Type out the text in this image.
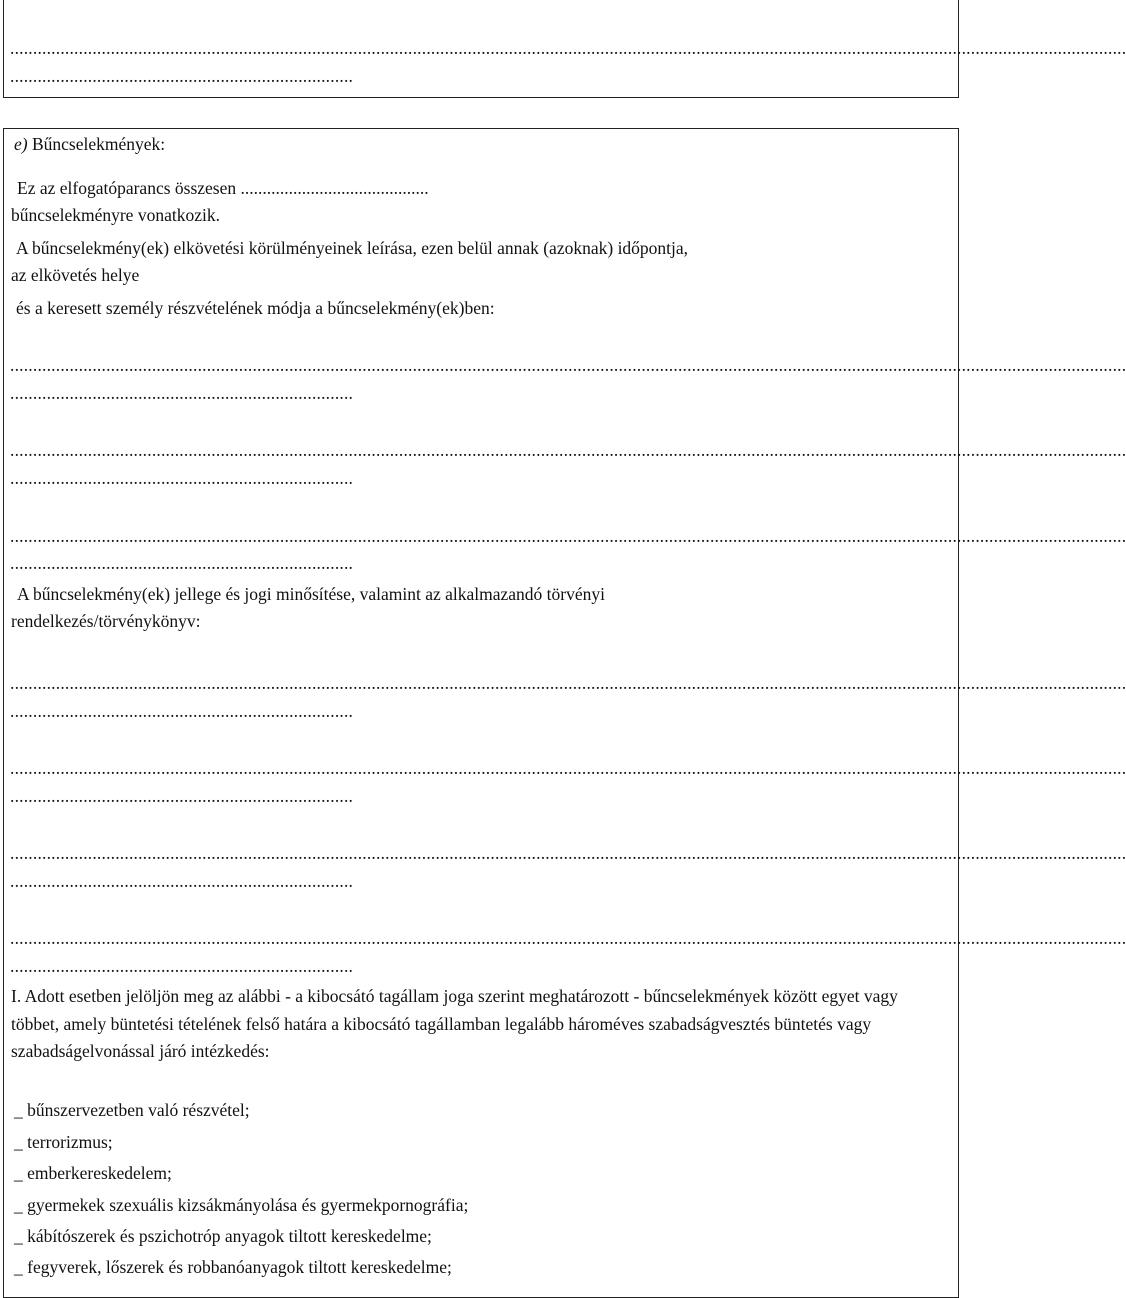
....................................................................................................................................................................................................................................................
...........................................................................
e) Bűncselekmények:
Ez az elfogatóparancs összesen ...........................................
bűncselekményre vonatkozik.
A bűncselekmény(ek) elkövetési körülményeinek leírása, ezen belül annak (azoknak) időpontja,
az elkövetés helye
és a keresett személy részvételének módja a bűncselekmény(ek)ben:
....................................................................................................................................................................................................................................................
...........................................................................
....................................................................................................................................................................................................................................................
...........................................................................
....................................................................................................................................................................................................................................................
...........................................................................
A bűncselekmény(ek) jellege és jogi minősítése, valamint az alkalmazandó törvényi
rendelkezés/törvénykönyv:
....................................................................................................................................................................................................................................................
...........................................................................
....................................................................................................................................................................................................................................................
...........................................................................
....................................................................................................................................................................................................................................................
...........................................................................
....................................................................................................................................................................................................................................................
...........................................................................
I. Adott esetben jelöljön meg az alábbi - a kibocsátó tagállam joga szerint meghatározott - bűncselekmények között egyet vagy többet, amely büntetési tételének felső határa a kibocsátó tagállamban legalább hároméves szabadságvesztés büntetés vagy szabadságelvonással járó intézkedés:
_ bűnszervezetben való részvétel;
_ terrorizmus;
_ emberkereskedelem;
_ gyermekek szexuális kizsákmányolása és gyermekpornográfia;
_ kábítószerek és pszichotróp anyagok tiltott kereskedelme;
_ fegyverek, lőszerek és robbanóanyagok tiltott kereskedelme;
